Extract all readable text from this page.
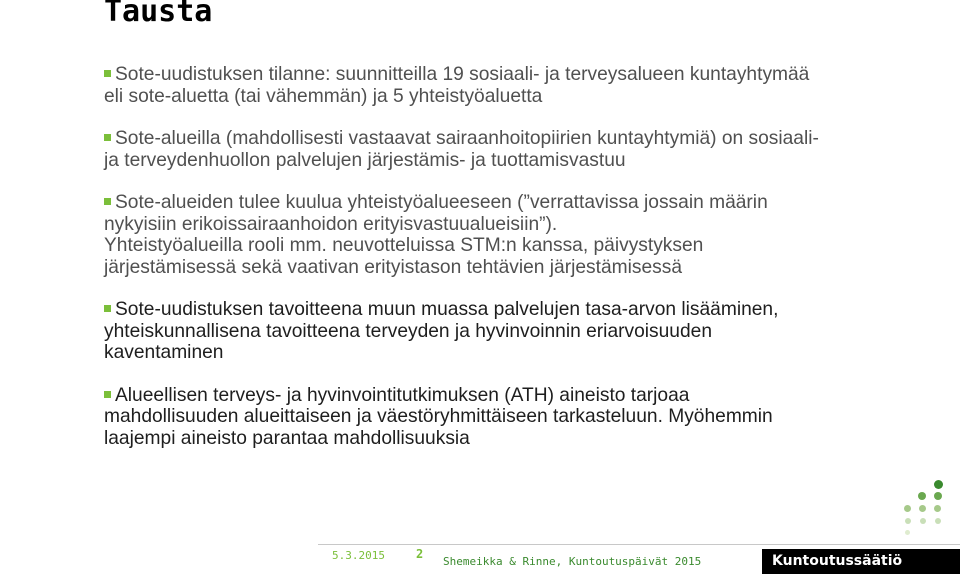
Tausta

Sote-uudistuksen tilanne: suunnitteilla 19 sosiaali- ja terveysalueen kuntayhtymää eli sote-aluetta (tai vähemmän) ja 5 yhteistyöaluetta

Sote-alueilla (mahdollisesti vastaavat sairaanhoitopiirien kuntayhtymiä) on sosiaali- ja terveydenhuollon palvelujen järjestämis- ja tuottamisvastuu

Sote-alueiden tulee kuulua yhteistyöalueeseen (”verrattavissa jossain määrin nykyisiin erikoissairaanhoidon erityisvastuualueisiin”).
Yhteistyöalueilla rooli mm. neuvotteluissa STM:n kanssa, päivystyksen järjestämisessä sekä vaativan erityistason tehtävien järjestämisessä

Sote-uudistuksen tavoitteena muun muassa palvelujen tasa-arvon lisääminen, yhteiskunnallisena tavoitteena terveyden ja hyvinvoinnin eriarvoisuuden kaventaminen

Alueellisen terveys- ja hyvinvointitutkimuksen (ATH) aineisto tarjoaa mahdollisuuden alueittaiseen ja väestöryhmittäiseen tarkasteluun. Myöhemmin laajempi aineisto parantaa mahdollisuuksia

5.3.2015	2
Shemeikka & Rinne, Kuntoutuspäivät 2015	Kuntoutussäätiö
